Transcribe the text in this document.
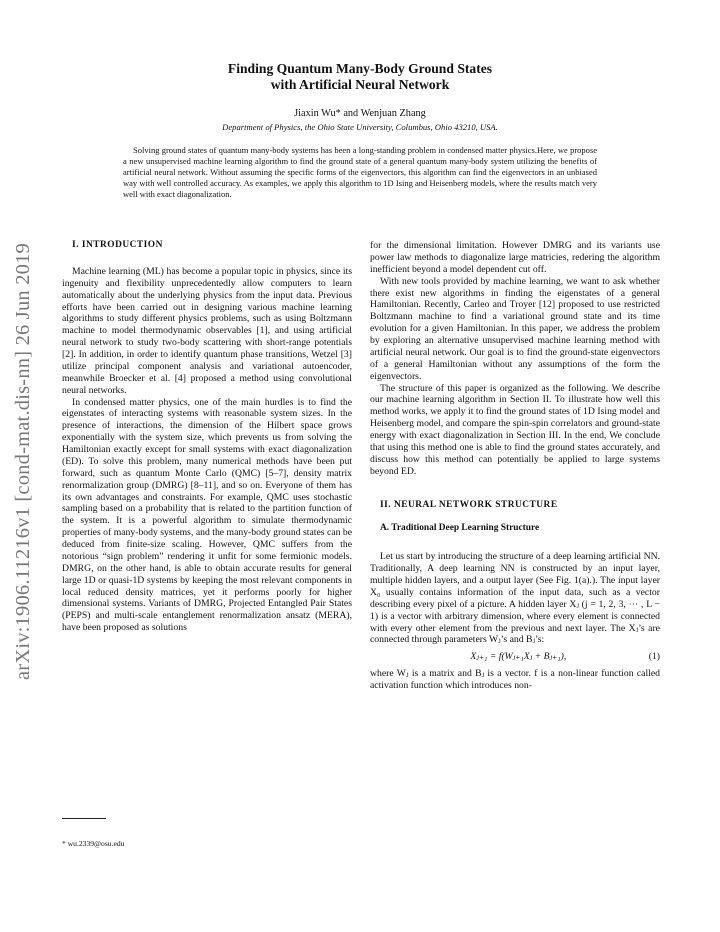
arXiv:1906.11216v1 [cond-mat.dis-nn] 26 Jun 2019
Finding Quantum Many-Body Ground States
with Artificial Neural Network
Jiaxin Wu* and Wenjuan Zhang
Department of Physics, the Ohio State University, Columbus, Ohio 43210, USA.
Solving ground states of quantum many-body systems has been a long-standing problem in condensed matter physics.Here, we propose a new unsupervised machine learning algorithm to find the ground state of a general quantum many-body system utilizing the benefits of artificial neural network. Without assuming the specific forms of the eigenvectors, this algorithm can find the eigenvectors in an unbiased way with well controlled accuracy. As examples, we apply this algorithm to 1D Ising and Heisenberg models, where the results match very well with exact diagonalization.

I. INTRODUCTION

Machine learning (ML) has become a popular topic in physics, since its ingenuity and flexibility unprecedentedly allow computers to learn automatically about the underlying physics from the input data. Previous efforts have been carried out in designing various machine learning algorithms to study different physics problems, such as using Boltzmann machine to model thermodynamic observables [1], and using artificial neural network to study two-body scattering with short-range potentials [2]. In addition, in order to identify quantum phase transitions, Wetzel [3] utilize principal component analysis and variational autoencoder, meanwhile Broecker et al. [4] proposed a method using convolutional neural networks.

In condensed matter physics, one of the main hurdles is to find the eigenstates of interacting systems with reasonable system sizes. In the presence of interactions, the dimension of the Hilbert space grows exponentially with the system size, which prevents us from solving the Hamiltonian exactly except for small systems with exact diagonalization (ED). To solve this problem, many numerical methods have been put forward, such as quantum Monte Carlo (QMC) [5–7], density matrix renormalization group (DMRG) [8–11], and so on. Everyone of them has its own advantages and constraints. For example, QMC uses stochastic sampling based on a probability that is related to the partition function of the system. It is a powerful algorithm to simulate thermodynamic properties of many-body systems, and the many-body ground states can be deduced from finite-size scaling. However, QMC suffers from the notorious “sign problem” rendering it unfit for some fermionic models. DMRG, on the other hand, is able to obtain accurate results for general large 1D or quasi-1D systems by keeping the most relevant components in local reduced density matrices, yet it performs poorly for higher dimensional systems. Variants of DMRG, Projected Entangled Pair States (PEPS) and multi-scale entanglement renormalization ansatz (MERA), have been proposed as solutions

for the dimensional limitation. However DMRG and its variants use power law methods to diagonalize large matricies, redering the algorithm inefficient beyond a model dependent cut off.

With new tools provided by machine learning, we want to ask whether there exist new algorithms in finding the eigenstates of a general Hamiltonian. Recently, Carleo and Troyer [12] proposed to use restricted Boltzmann machine to find a variational ground state and its time evolution for a given Hamiltonian. In this paper, we address the problem by exploring an alternative unsupervised machine learning method with artificial neural network. Our goal is to find the ground-state eigenvectors of a general Hamiltonian without any assumptions of the form the eigenvectors.

The structure of this paper is organized as the following. We describe our machine learning algorithm in Section II. To illustrate how well this method works, we apply it to find the ground states of 1D Ising model and Heisenberg model, and compare the spin-spin correlators and ground-state energy with exact diagonalization in Section III. In the end, We conclude that using this method one is able to find the ground states accurately, and discuss how this method can potentially be applied to large systems beyond ED.

II. NEURAL NETWORK STRUCTURE

A. Traditional Deep Learning Structure

Let us start by introducing the structure of a deep learning artificial NN. Traditionally, A deep learning NN is constructed by an input layer, multiple hidden layers, and a output layer (See Fig. 1(a).). The input layer X₀ usually contains information of the input data, such as a vector describing every pixel of a picture. A hidden layer Xⱼ (j = 1, 2, 3, ⋯ , L − 1) is a vector with arbitrary dimension, where every element is connected with every other element from the previous and next layer. The Xⱼ’s are connected through parameters Wⱼ’s and Bⱼ’s:

Xⱼ₊₁ = f(Wⱼ₊₁Xⱼ + Bⱼ₊₁),	(1)

where Wⱼ is a matrix and Bⱼ is a vector. f is a non-linear function called activation function which introduces non-

* wu.2339@osu.edu
